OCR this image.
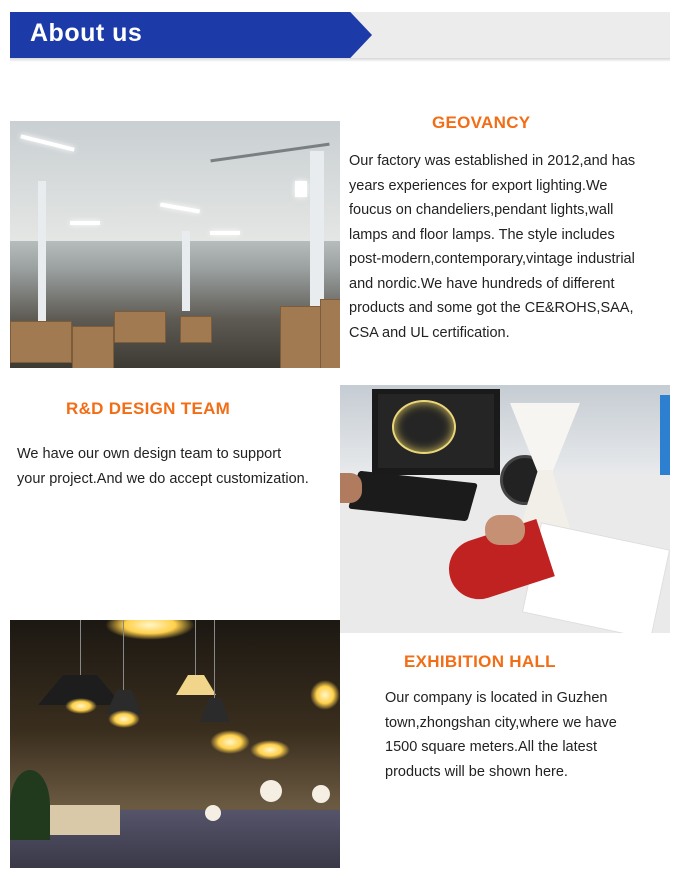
About us
GEOVANCY
Our factory was established in 2012,and has
years experiences for export lighting.We
foucus on chandeliers,pendant lights,wall
lamps and floor lamps. The style includes
post-modern,contemporary,vintage industrial
and nordic.We have hundreds of different
products and some got the CE&ROHS,SAA,
CSA and UL certification.
R&D DESIGN TEAM
We have our own design team to support
your project.And we do accept customization.
EXHIBITION HALL
Our company is located in Guzhen
town,zhongshan city,where we have
1500 square meters.All the latest
products will be shown here.
